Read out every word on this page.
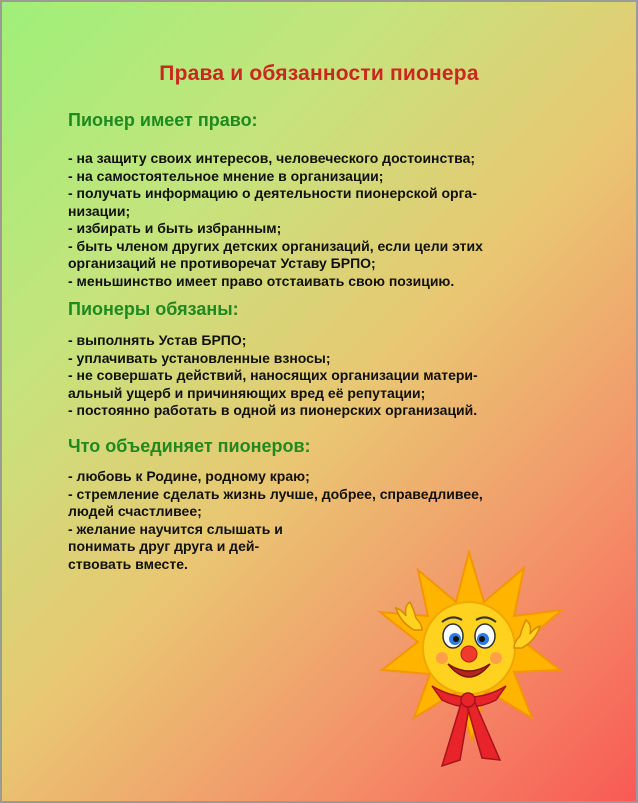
Права и обязанности пионера
Пионер имеет право:
- на защиту своих интересов, человеческого достоинства;
- на самостоятельное мнение в организации;
- получать информацию о деятельности пионерской орга-
низации;
- избирать и быть избранным;
- быть членом других детских организаций, если цели этих
организаций не противоречат Уставу БРПО;
- меньшинство имеет право отстаивать свою позицию.
Пионеры обязаны:
- выполнять Устав БРПО;
- уплачивать установленные взносы;
- не совершать действий, наносящих организации матери-
альный ущерб и причиняющих вред её репутации;
- постоянно работать в одной из пионерских организаций.
Что объединяет пионеров:
- любовь к Родине, родному краю;
- стремление сделать жизнь лучше, добрее, справедливее,
людей счастливее;
- желание научится слышать и
понимать друг друга и дей-
ствовать вместе.
